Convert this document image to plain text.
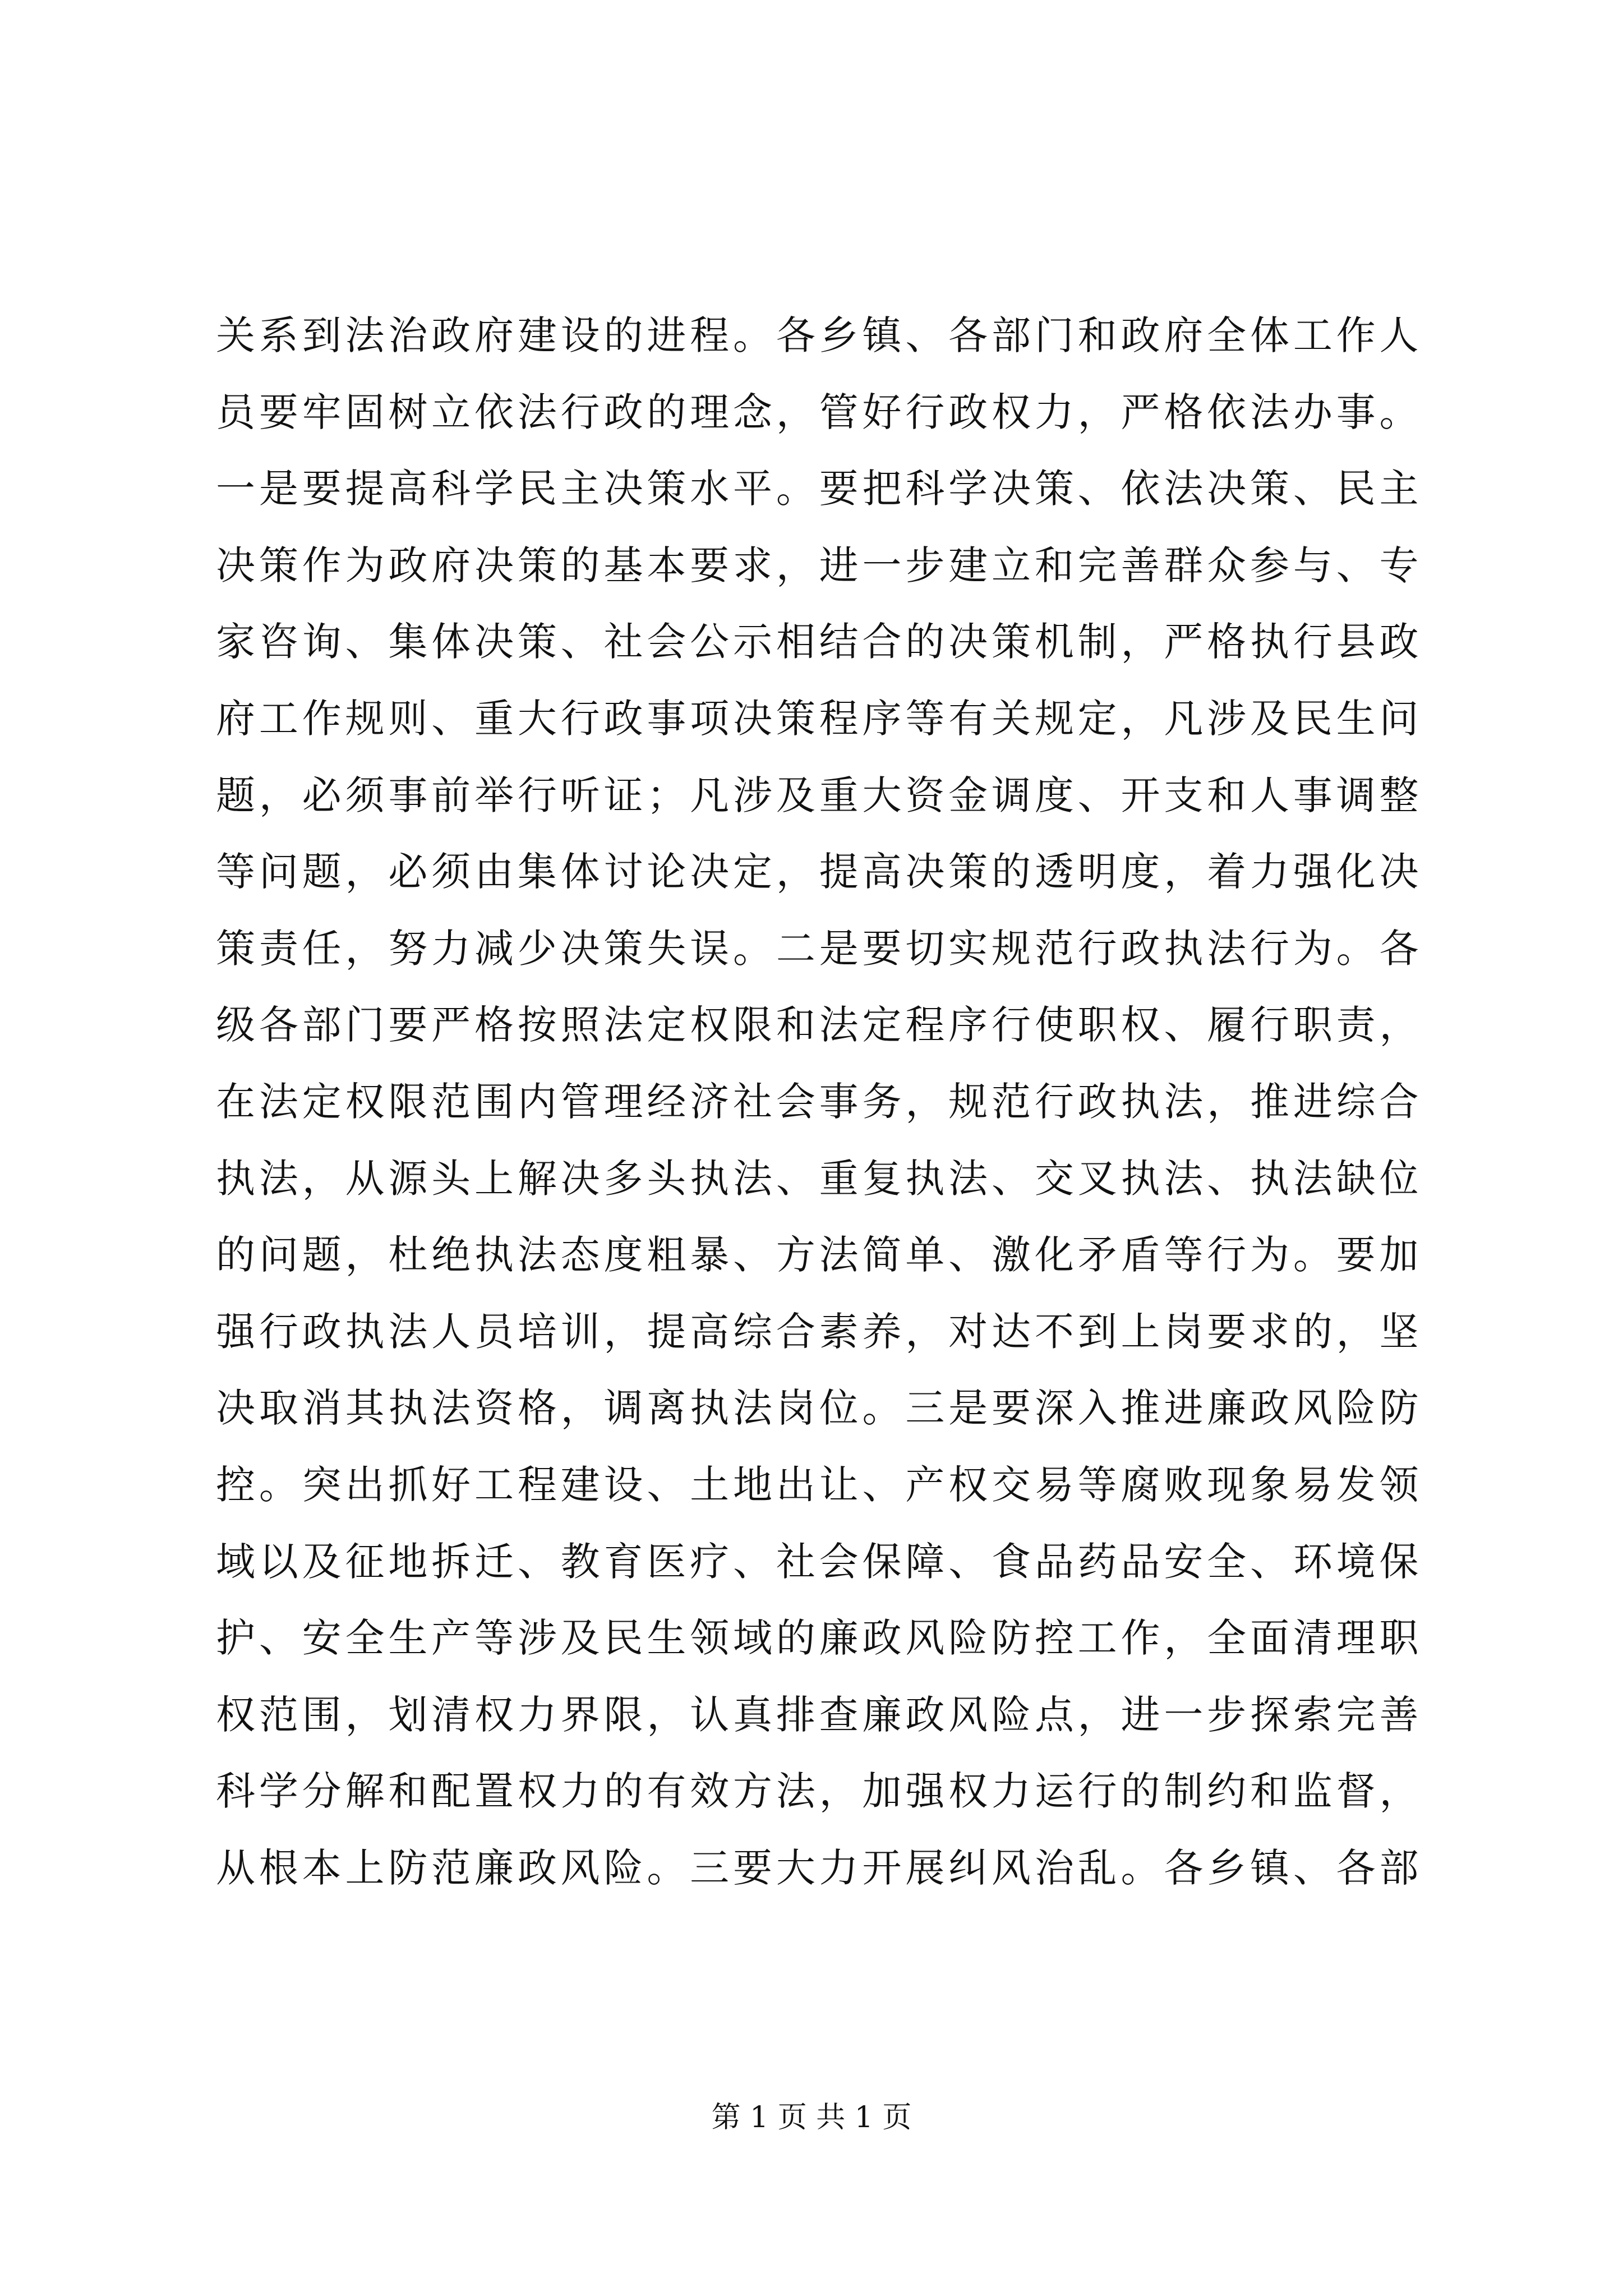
关系到法治政府建设的进程。各乡镇、各部门和政府全体工作人
员要牢固树立依法行政的理念，管好行政权力，严格依法办事。
一是要提高科学民主决策水平。要把科学决策、依法决策、民主
决策作为政府决策的基本要求，进一步建立和完善群众参与、专
家咨询、集体决策、社会公示相结合的决策机制，严格执行县政
府工作规则、重大行政事项决策程序等有关规定，凡涉及民生问
题，必须事前举行听证；凡涉及重大资金调度、开支和人事调整
等问题，必须由集体讨论决定，提高决策的透明度，着力强化决
策责任，努力减少决策失误。二是要切实规范行政执法行为。各
级各部门要严格按照法定权限和法定程序行使职权、履行职责，
在法定权限范围内管理经济社会事务，规范行政执法，推进综合
执法，从源头上解决多头执法、重复执法、交叉执法、执法缺位
的问题，杜绝执法态度粗暴、方法简单、激化矛盾等行为。要加
强行政执法人员培训，提高综合素养，对达不到上岗要求的，坚
决取消其执法资格，调离执法岗位。三是要深入推进廉政风险防
控。突出抓好工程建设、土地出让、产权交易等腐败现象易发领
域以及征地拆迁、教育医疗、社会保障、食品药品安全、环境保
护、安全生产等涉及民生领域的廉政风险防控工作，全面清理职
权范围，划清权力界限，认真排查廉政风险点，进一步探索完善
科学分解和配置权力的有效方法，加强权力运行的制约和监督，
从根本上防范廉政风险。三要大力开展纠风治乱。各乡镇、各部
第 1 页 共 1 页
